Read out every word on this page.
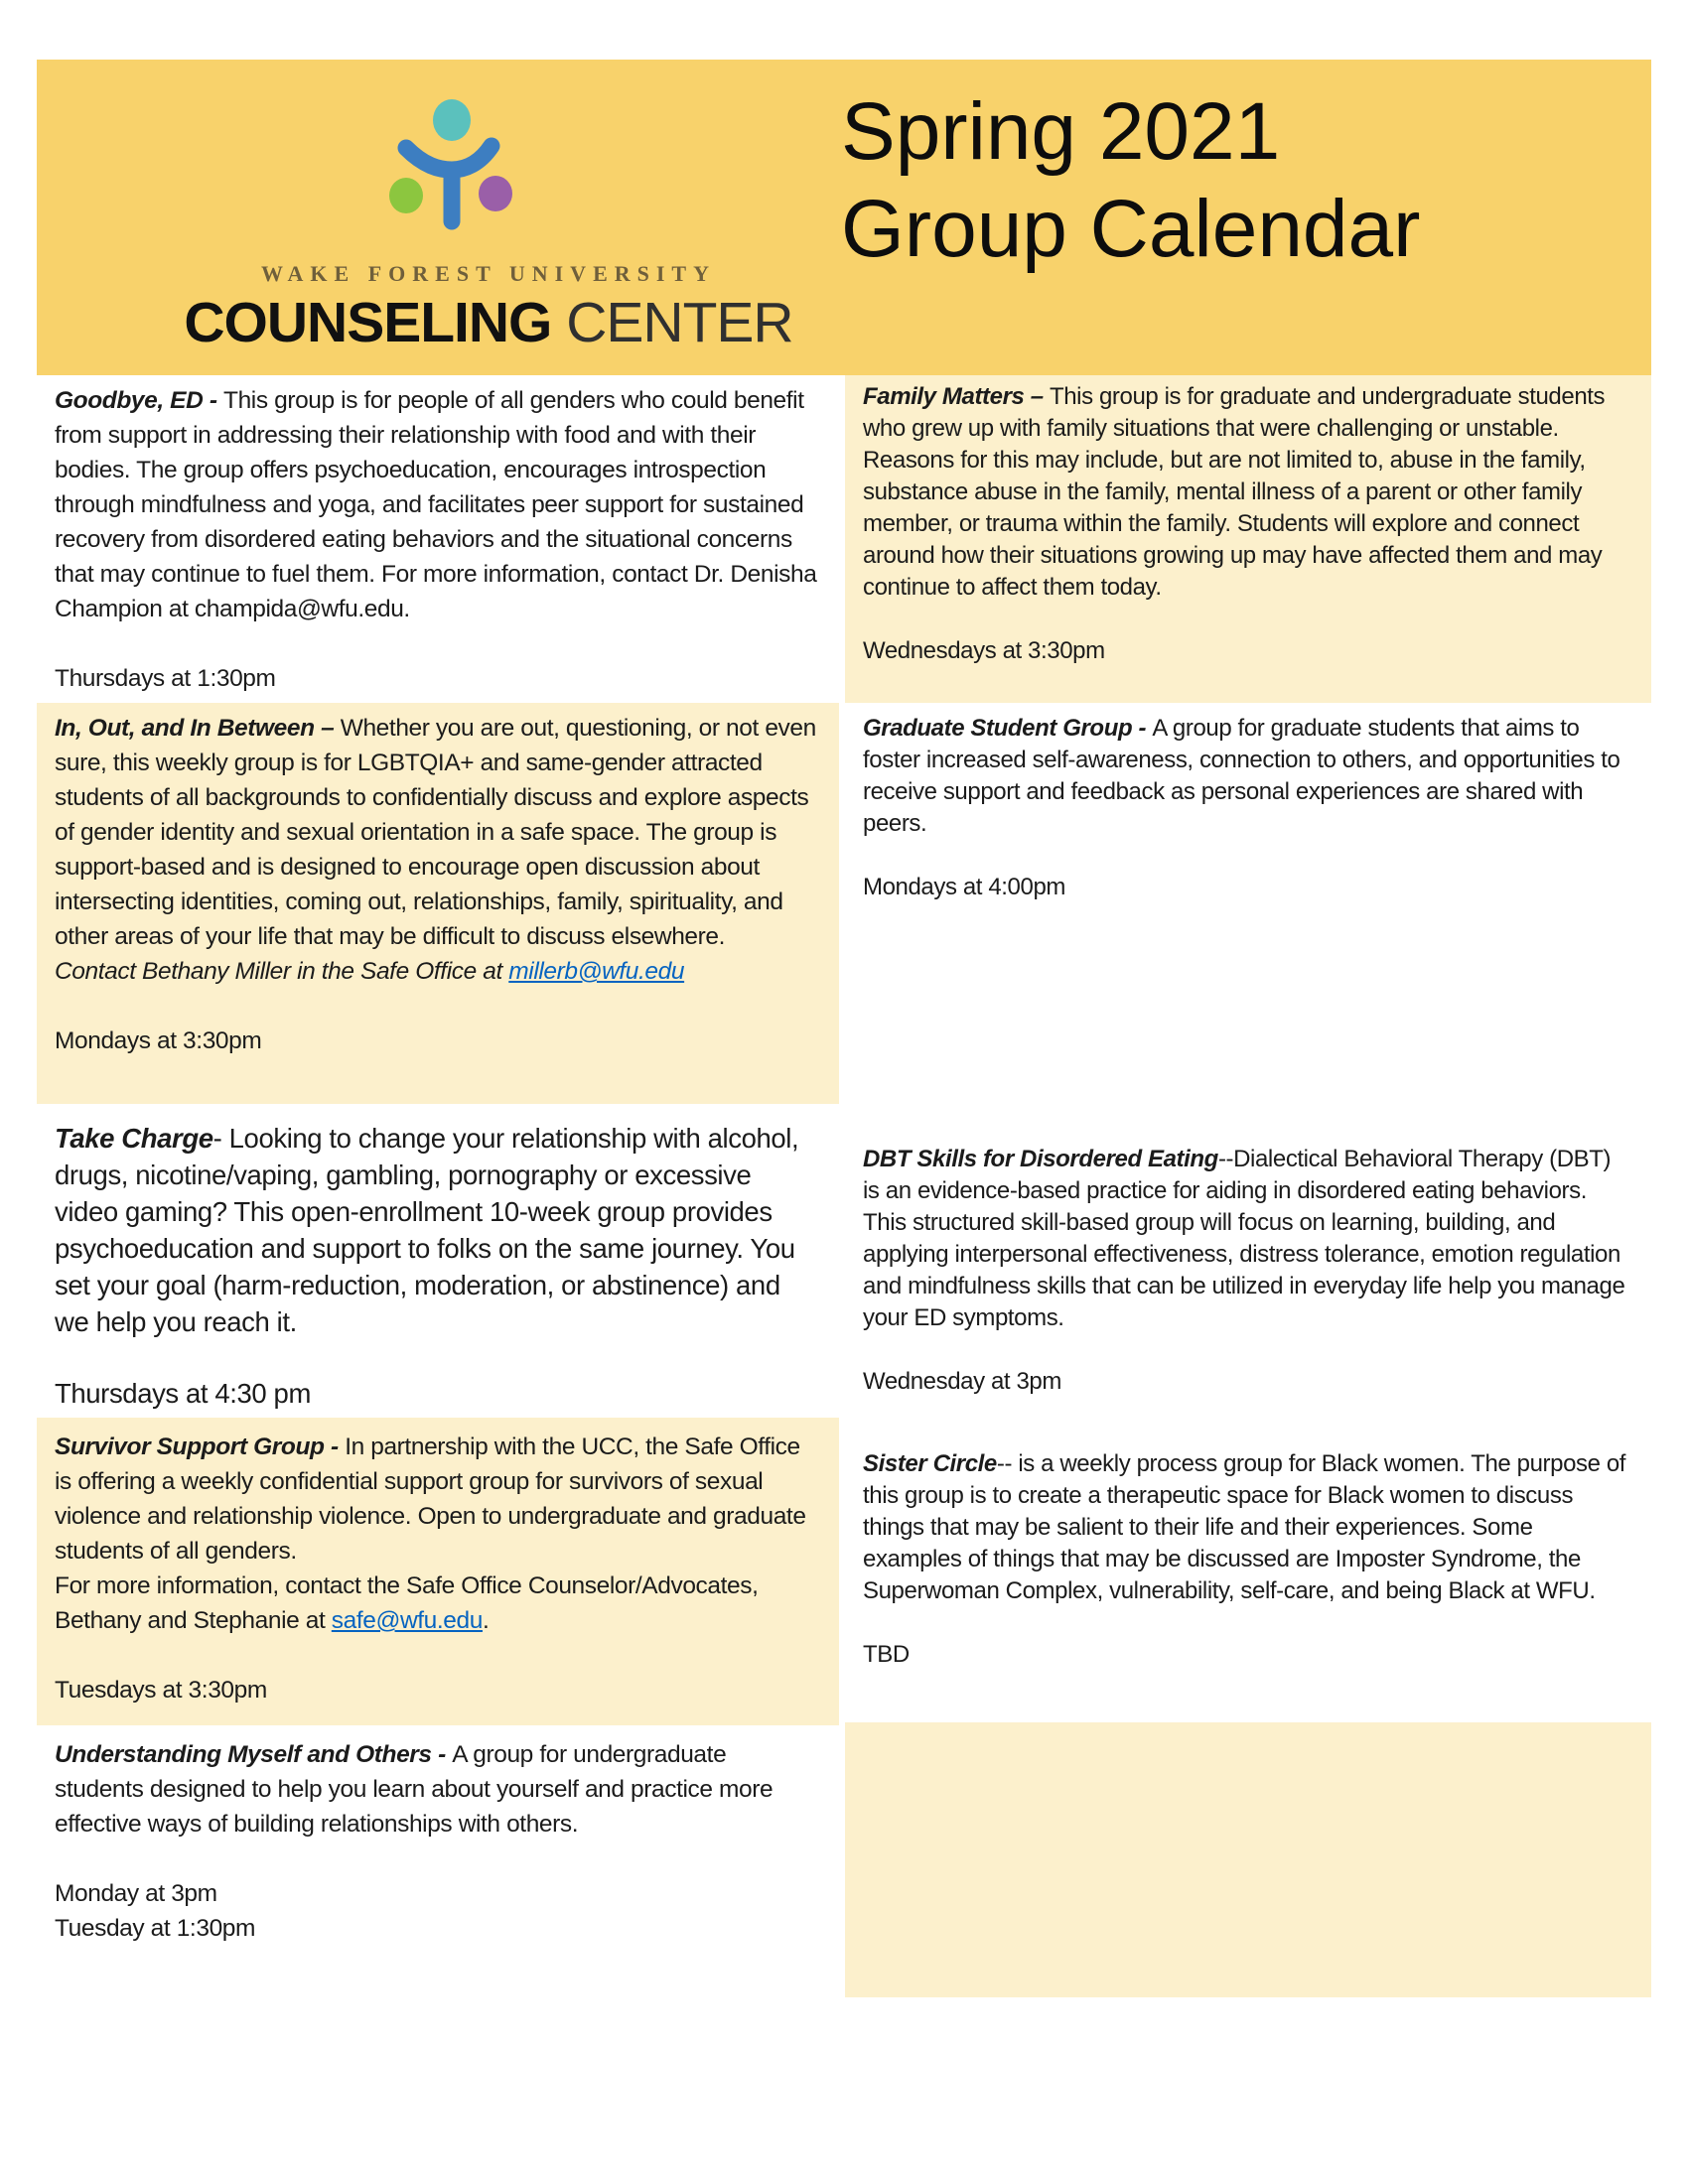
WAKE FOREST UNIVERSITY
COUNSELING CENTER
Spring 2021
Group Calendar

Goodbye, ED - This group is for people of all genders who could benefit from support in addressing their relationship with food and with their bodies. The group offers psychoeducation, encourages introspection through mindfulness and yoga, and facilitates peer support for sustained recovery from disordered eating behaviors and the situational concerns that may continue to fuel them. For more information, contact Dr. Denisha Champion at champida@wfu.edu.

Thursdays at 1:30pm

In, Out, and In Between – Whether you are out, questioning, or not even sure, this weekly group is for LGBTQIA+ and same-gender attracted students of all backgrounds to confidentially discuss and explore aspects of gender identity and sexual orientation in a safe space. The group is support-based and is designed to encourage open discussion about intersecting identities, coming out, relationships, family, spirituality, and other areas of your life that may be difficult to discuss elsewhere.

Contact Bethany Miller in the Safe Office at millerb@wfu.edu

Mondays at 3:30pm

Take Charge- Looking to change your relationship with alcohol, drugs, nicotine/vaping, gambling, pornography or excessive video gaming? This open-enrollment 10-week group provides psychoeducation and support to folks on the same journey. You set your goal (harm-reduction, moderation, or abstinence) and we help you reach it.

Thursdays at 4:30 pm

Survivor Support Group - In partnership with the UCC, the Safe Office is offering a weekly confidential support group for survivors of sexual violence and relationship violence. Open to undergraduate and graduate students of all genders.

For more information, contact the Safe Office Counselor/Advocates, Bethany and Stephanie at safe@wfu.edu.

Tuesdays at 3:30pm

Understanding Myself and Others - A group for undergraduate students designed to help you learn about yourself and practice more effective ways of building relationships with others.

Monday at 3pm

Tuesday at 1:30pm

Family Matters – This group is for graduate and undergraduate students who grew up with family situations that were challenging or unstable. Reasons for this may include, but are not limited to, abuse in the family, substance abuse in the family, mental illness of a parent or other family member, or trauma within the family. Students will explore and connect around how their situations growing up may have affected them and may continue to affect them today.

Wednesdays at 3:30pm

Graduate Student Group - A group for graduate students that aims to foster increased self-awareness, connection to others, and opportunities to receive support and feedback as personal experiences are shared with peers.

Mondays at 4:00pm

DBT Skills for Disordered Eating--Dialectical Behavioral Therapy (DBT) is an evidence-based practice for aiding in disordered eating behaviors. This structured skill-based group will focus on learning, building, and applying interpersonal effectiveness, distress tolerance, emotion regulation and mindfulness skills that can be utilized in everyday life help you manage your ED symptoms.

Wednesday at 3pm

Sister Circle-- is a weekly process group for Black women. The purpose of this group is to create a therapeutic space for Black women to discuss things that may be salient to their life and their experiences. Some examples of things that may be discussed are Imposter Syndrome, the Superwoman Complex, vulnerability, self-care, and being Black at WFU.

TBD
